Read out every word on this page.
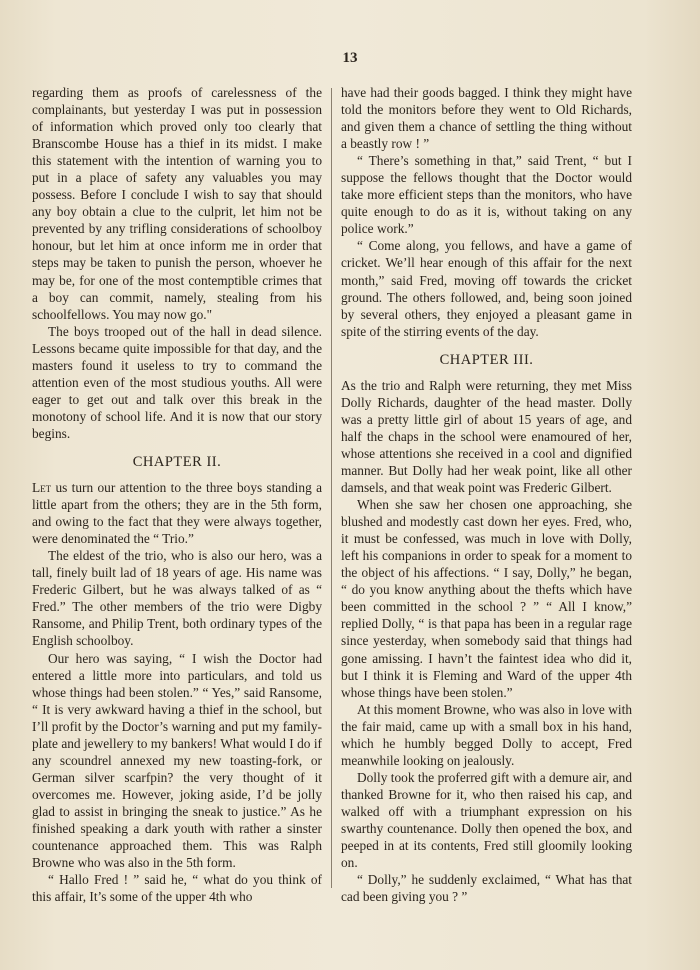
13

regarding them as proofs of carelessness of the complainants, but yesterday I was put in possession of information which proved only too clearly that Branscombe House has a thief in its midst. I make this statement with the intention of warning you to put in a place of safety any valuables you may possess. Before I conclude I wish to say that should any boy obtain a clue to the culprit, let him not be prevented by any trifling considerations of schoolboy honour, but let him at once inform me in order that steps may be taken to punish the person, whoever he may be, for one of the most contemptible crimes that a boy can commit, namely, stealing from his schoolfellows. You may now go."

The boys trooped out of the hall in dead silence. Lessons became quite impossible for that day, and the masters found it useless to try to command the attention even of the most studious youths. All were eager to get out and talk over this break in the monotony of school life. And it is now that our story begins.

CHAPTER II.

Let us turn our attention to the three boys standing a little apart from the others; they are in the 5th form, and owing to the fact that they were always together, were denominated the “ Trio.”

The eldest of the trio, who is also our hero, was a tall, finely built lad of 18 years of age. His name was Frederic Gilbert, but he was always talked of as “ Fred.” The other members of the trio were Digby Ransome, and Philip Trent, both ordinary types of the English schoolboy.

Our hero was saying, “ I wish the Doctor had entered a little more into particulars, and told us whose things had been stolen.” “ Yes,” said Ransome, “ It is very awkward having a thief in the school, but I’ll profit by the Doctor’s warning and put my family-plate and jewellery to my bankers! What would I do if any scoundrel annexed my new toasting-fork, or German silver scarfpin? the very thought of it overcomes me. However, joking aside, I’d be jolly glad to assist in bringing the sneak to justice.” As he finished speaking a dark youth with rather a sinster countenance approached them. This was Ralph Browne who was also in the 5th form.

“ Hallo Fred ! ” said he, “ what do you think of this affair, It’s some of the upper 4th who

have had their goods bagged. I think they might have told the monitors before they went to Old Richards, and given them a chance of settling the thing without a beastly row ! ”

“ There’s something in that,” said Trent, “ but I suppose the fellows thought that the Doctor would take more efficient steps than the monitors, who have quite enough to do as it is, without taking on any police work.”

“ Come along, you fellows, and have a game of cricket. We’ll hear enough of this affair for the next month,” said Fred, moving off towards the cricket ground. The others followed, and, being soon joined by several others, they enjoyed a pleasant game in spite of the stirring events of the day.

CHAPTER III.

As the trio and Ralph were returning, they met Miss Dolly Richards, daughter of the head master. Dolly was a pretty little girl of about 15 years of age, and half the chaps in the school were enamoured of her, whose attentions she received in a cool and dignified manner. But Dolly had her weak point, like all other damsels, and that weak point was Frederic Gilbert.

When she saw her chosen one approaching, she blushed and modestly cast down her eyes. Fred, who, it must be confessed, was much in love with Dolly, left his companions in order to speak for a moment to the object of his affections. “ I say, Dolly,” he began, “ do you know anything about the thefts which have been committed in the school ? ” “ All I know,” replied Dolly, “ is that papa has been in a regular rage since yesterday, when somebody said that things had gone amissing. I havn’t the faintest idea who did it, but I think it is Fleming and Ward of the upper 4th whose things have been stolen.”

At this moment Browne, who was also in love with the fair maid, came up with a small box in his hand, which he humbly begged Dolly to accept, Fred meanwhile looking on jealously.

Dolly took the proferred gift with a demure air, and thanked Browne for it, who then raised his cap, and walked off with a triumphant expression on his swarthy countenance. Dolly then opened the box, and peeped in at its contents, Fred still gloomily looking on.

“ Dolly,” he suddenly exclaimed, “ What has that cad been giving you ? ”
